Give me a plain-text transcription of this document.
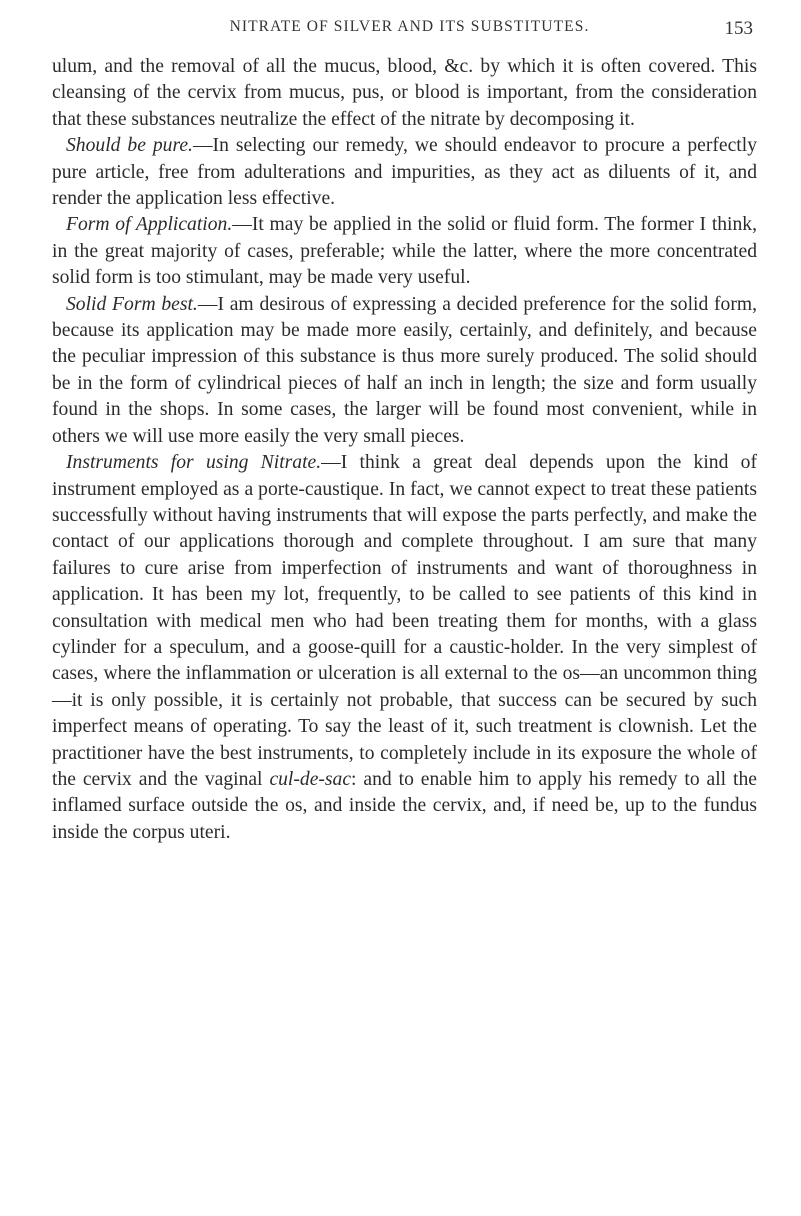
NITRATE OF SILVER AND ITS SUBSTITUTES.	153

ulum, and the removal of all the mucus, blood, &c. by which it is often covered. This cleansing of the cervix from mucus, pus, or blood is important, from the consideration that these substances neutralize the effect of the nitrate by decomposing it.

Should be pure.—In selecting our remedy, we should endeavor to procure a perfectly pure article, free from adulterations and impurities, as they act as diluents of it, and render the application less effective.

Form of Application.—It may be applied in the solid or fluid form. The former I think, in the great majority of cases, preferable; while the latter, where the more concentrated solid form is too stimulant, may be made very useful.

Solid Form best.—I am desirous of expressing a decided preference for the solid form, because its application may be made more easily, certainly, and definitely, and because the peculiar impression of this substance is thus more surely produced. The solid should be in the form of cylindrical pieces of half an inch in length; the size and form usually found in the shops. In some cases, the larger will be found most convenient, while in others we will use more easily the very small pieces.

Instruments for using Nitrate.—I think a great deal depends upon the kind of instrument employed as a porte-caustique. In fact, we cannot expect to treat these patients successfully without having instruments that will expose the parts perfectly, and make the contact of our applications thorough and complete throughout. I am sure that many failures to cure arise from imperfection of instruments and want of thoroughness in application. It has been my lot, frequently, to be called to see patients of this kind in consultation with medical men who had been treating them for months, with a glass cylinder for a speculum, and a goose-quill for a caustic-holder. In the very simplest of cases, where the inflammation or ulceration is all external to the os—an uncommon thing—it is only possible, it is certainly not probable, that success can be secured by such imperfect means of operating. To say the least of it, such treatment is clownish. Let the practitioner have the best instruments, to completely include in its exposure the whole of the cervix and the vaginal cul-de-sac: and to enable him to apply his remedy to all the inflamed surface outside the os, and inside the cervix, and, if need be, up to the fundus inside the corpus uteri.
